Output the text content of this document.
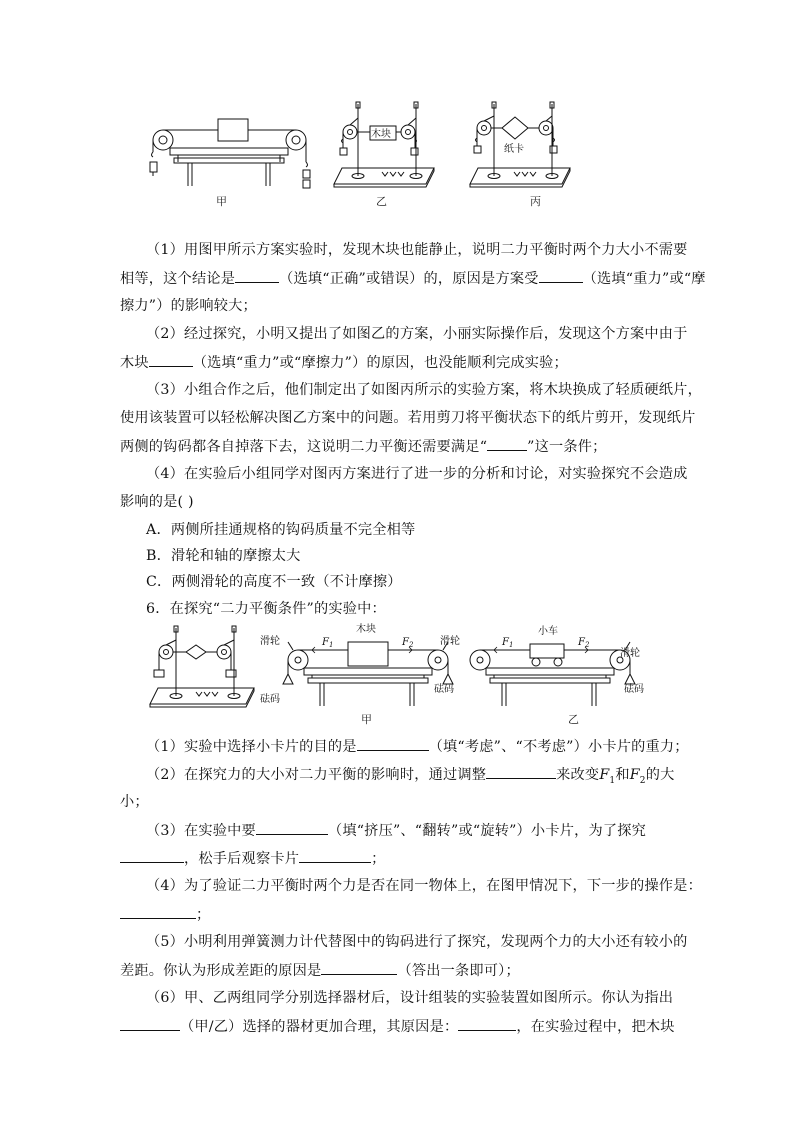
甲
木块
乙
纸卡
丙
（1）用图甲所示方案实验时，发现木块也能静止，说明二力平衡时两个力大小不需要
相等，这个结论是	（选填“正确”或错误）的，原因是方案受	（选填“重力”或“摩
擦力”）的影响较大；
（2）经过探究，小明又提出了如图乙的方案，小丽实际操作后，发现这个方案中由于
木块	（选填“重力”或“摩擦力”）的原因，也没能顺利完成实验；
（3）小组合作之后，他们制定出了如图丙所示的实验方案，将木块换成了轻质硬纸片，
使用该装置可以轻松解决图乙方案中的问题。若用剪刀将平衡状态下的纸片剪开，发现纸片
两侧的钩码都各自掉落下去，这说明二力平衡还需要满足“	”这一条件；
（4）在实验后小组同学对图丙方案进行了进一步的分析和讨论，对实验探究不会造成
影响的是( )
A．两侧所挂通规格的钩码质量不完全相等
B．滑轮和轴的摩擦太大
C．两侧滑轮的高度不一致（不计摩擦）
6．在探究“二力平衡条件”的实验中：
滑轮	滑轮
木块
砝码
砝码
$F_1$	$F_2$
甲
小车
滑轮
砝码
$F_1$	$F_2$
乙
（1）实验中选择小卡片的目的是	（填“考虑”、“不考虑”）小卡片的重力；
（2）在探究力的大小对二力平衡的影响时，通过调整	来改变$F_1$和$F_2$的大
小；
（3）在实验中要	（填“挤压”、“翻转”或“旋转”）小卡片，为了探究
，松手后观察卡片	；
（4）为了验证二力平衡时两个力是否在同一物体上，在图甲情况下，下一步的操作是：
；
（5）小明利用弹簧测力计代替图中的钩码进行了探究，发现两个力的大小还有较小的
差距。你认为形成差距的原因是	（答出一条即可）；
（6）甲、乙两组同学分别选择器材后，设计组装的实验装置如图所示。你认为指出
（甲/乙）选择的器材更加合理，其原因是：	，在实验过程中，把木块
